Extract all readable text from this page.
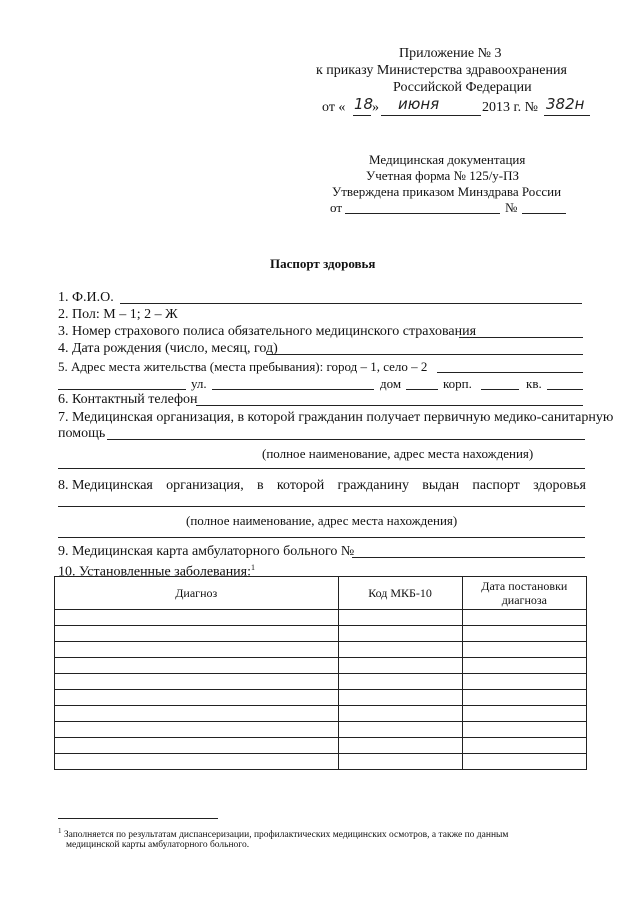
Приложение № 3
к приказу Министерства здравоохранения
Российской Федерации
от « 18
» июня	2013 г. № 382н
Медицинская документация
Учетная форма № 125/у-ПЗ
Утверждена приказом Минздрава России
от	№
Паспорт здоровья
1. Ф.И.О.
2. Пол: М – 1; 2 – Ж
3. Номер страхового полиса обязательного медицинского страхования
4. Дата рождения (число, месяц, год)
5. Адрес места жительства (места пребывания): город – 1, село – 2
ул.	дом	корп.	кв.
6. Контактный телефон
7. Медицинская организация, в которой гражданин получает первичную медико-санитарную
помощь
(полное наименование, адрес места нахождения)
8. Медицинская организация, в которой гражданину выдан паспорт здоровья
(полное наименование, адрес места нахождения)
9. Медицинская карта амбулаторного больного №
10. Установленные заболевания:$^1$
Диагноз	Код МКБ-10	Дата постановки диагноза

$^1$ Заполняется по результатам диспансеризации, профилактических медицинских осмотров, а также по данным
медицинской карты амбулаторного больного.
